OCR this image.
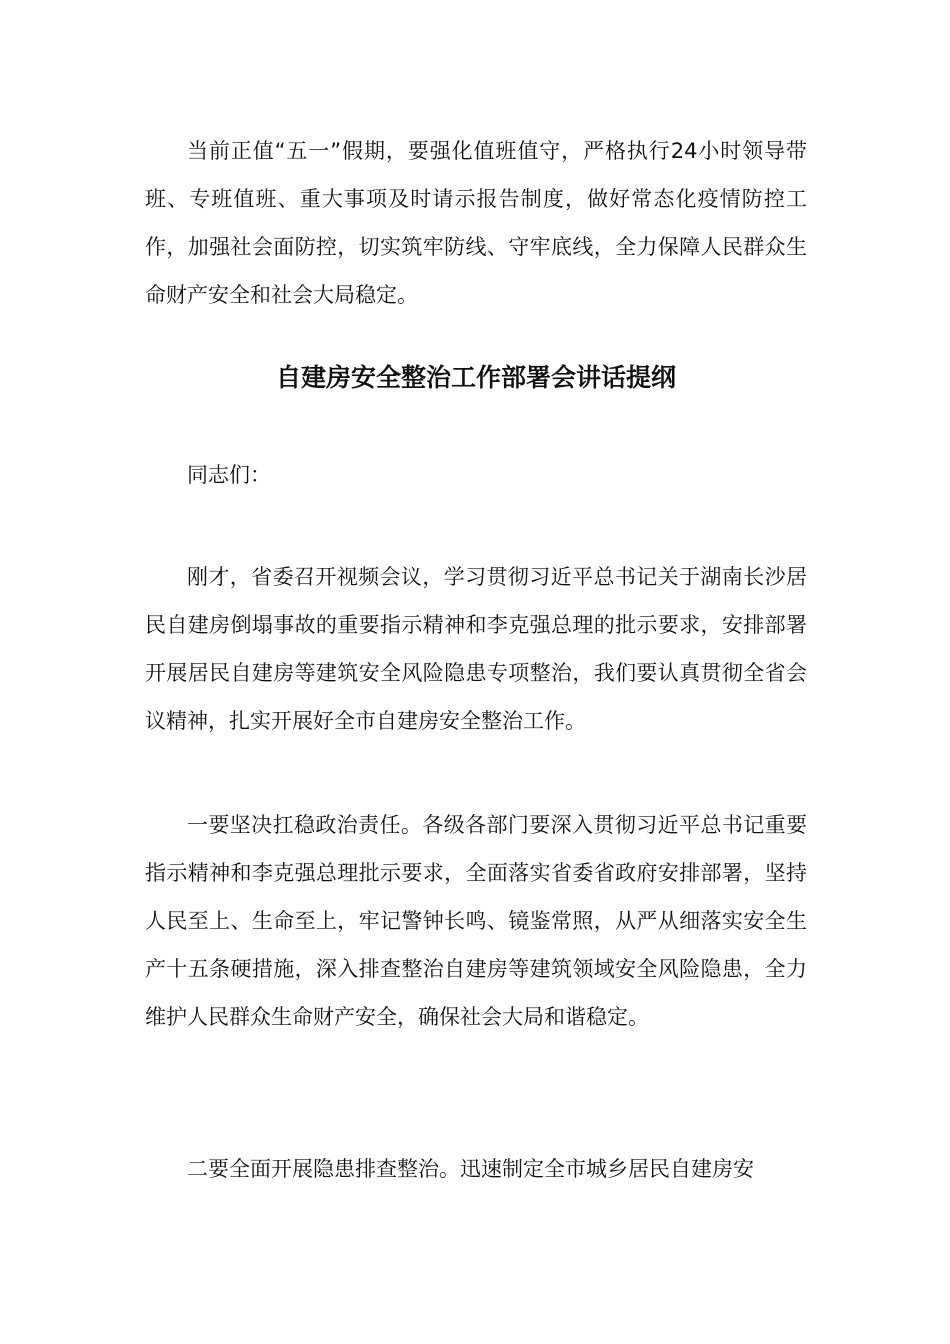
当前正值“五一”假期，要强化值班值守，严格执行24小时领导带班、专班值班、重大事项及时请示报告制度，做好常态化疫情防控工作，加强社会面防控，切实筑牢防线、守牢底线，全力保障人民群众生命财产安全和社会大局稳定。

自建房安全整治工作部署会讲话提纲

同志们：

刚才，省委召开视频会议，学习贯彻习近平总书记关于湖南长沙居民自建房倒塌事故的重要指示精神和李克强总理的批示要求，安排部署开展居民自建房等建筑安全风险隐患专项整治，我们要认真贯彻全省会议精神，扎实开展好全市自建房安全整治工作。

一要坚决扛稳政治责任。各级各部门要深入贯彻习近平总书记重要指示精神和李克强总理批示要求，全面落实省委省政府安排部署，坚持人民至上、生命至上，牢记警钟长鸣、镜鉴常照，从严从细落实安全生产十五条硬措施，深入排查整治自建房等建筑领域安全风险隐患，全力维护人民群众生命财产安全，确保社会大局和谐稳定。

二要全面开展隐患排查整治。迅速制定全市城乡居民自建房安
